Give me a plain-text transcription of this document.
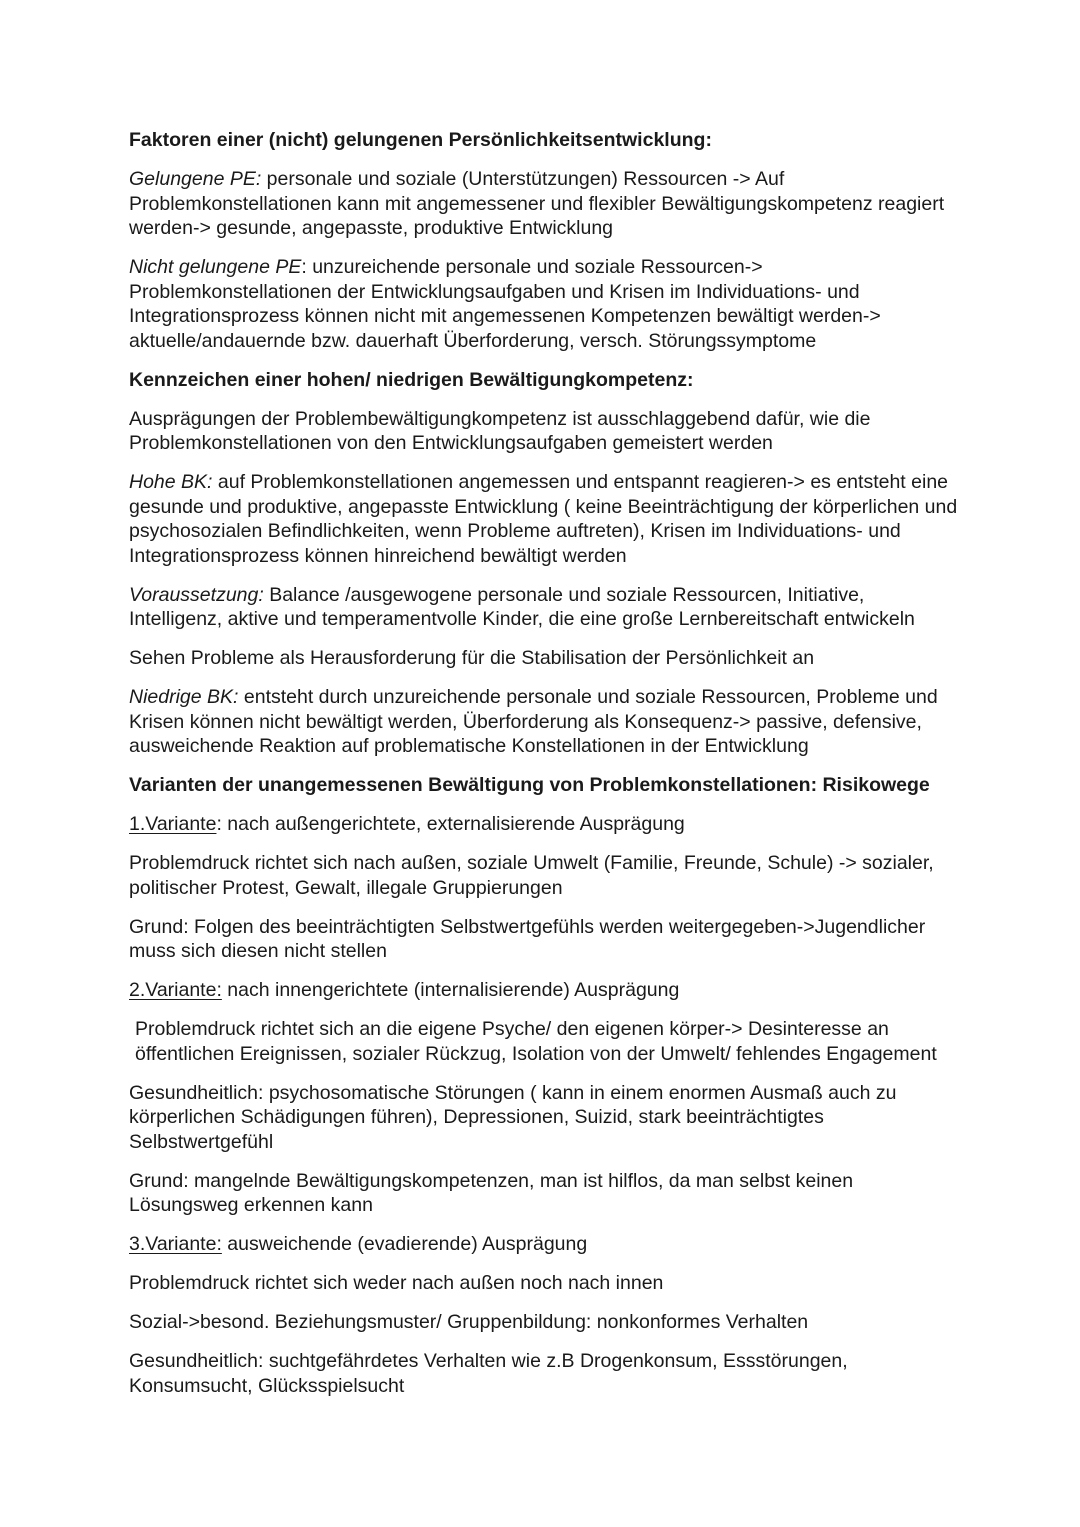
Faktoren einer (nicht) gelungenen Persönlichkeitsentwicklung:

Gelungene PE: personale und soziale (Unterstützungen) Ressourcen -> Auf Problemkonstellationen kann mit angemessener und flexibler Bewältigungskompetenz reagiert werden-> gesunde, angepasste, produktive Entwicklung

Nicht gelungene PE: unzureichende personale und soziale Ressourcen-> Problemkonstellationen der Entwicklungsaufgaben und Krisen im Individuations- und Integrationsprozess können nicht mit angemessenen Kompetenzen bewältigt werden-> aktuelle/andauernde bzw. dauerhaft Überforderung, versch. Störungssymptome

Kennzeichen einer hohen/ niedrigen Bewältigungkompetenz:

Ausprägungen der Problembewältigungkompetenz ist ausschlaggebend dafür, wie die Problemkonstellationen von den Entwicklungsaufgaben gemeistert werden

Hohe BK: auf Problemkonstellationen angemessen und entspannt reagieren-> es entsteht eine gesunde und produktive, angepasste Entwicklung ( keine Beeinträchtigung der körperlichen und psychosozialen Befindlichkeiten, wenn Probleme auftreten), Krisen im Individuations- und Integrationsprozess können hinreichend bewältigt werden

Voraussetzung: Balance /ausgewogene personale und soziale Ressourcen, Initiative, Intelligenz, aktive und temperamentvolle Kinder, die eine große Lernbereitschaft entwickeln

Sehen Probleme als Herausforderung für die Stabilisation der Persönlichkeit an

Niedrige BK: entsteht durch unzureichende personale und soziale Ressourcen, Probleme und Krisen können nicht bewältigt werden, Überforderung als Konsequenz-> passive, defensive, ausweichende Reaktion auf problematische Konstellationen in der Entwicklung

Varianten der unangemessenen Bewältigung von Problemkonstellationen: Risikowege

1.Variante: nach außengerichtete, externalisierende Ausprägung

Problemdruck richtet sich nach außen, soziale Umwelt (Familie, Freunde, Schule) -> sozialer, politischer Protest, Gewalt, illegale Gruppierungen

Grund: Folgen des beeinträchtigten Selbstwertgefühls werden weitergegeben->Jugendlicher muss sich diesen nicht stellen

2.Variante: nach innengerichtete (internalisierende) Ausprägung

Problemdruck richtet sich an die eigene Psyche/ den eigenen körper-> Desinteresse an öffentlichen Ereignissen, sozialer Rückzug, Isolation von der Umwelt/ fehlendes Engagement

Gesundheitlich: psychosomatische Störungen ( kann in einem enormen Ausmaß auch zu körperlichen Schädigungen führen), Depressionen, Suizid, stark beeinträchtigtes Selbstwertgefühl

Grund: mangelnde Bewältigungskompetenzen, man ist hilflos, da man selbst keinen Lösungsweg erkennen kann

3.Variante: ausweichende (evadierende) Ausprägung

Problemdruck richtet sich weder nach außen noch nach innen

Sozial->besond. Beziehungsmuster/ Gruppenbildung: nonkonformes Verhalten

Gesundheitlich: suchtgefährdetes Verhalten wie z.B Drogenkonsum, Essstörungen, Konsumsucht, Glücksspielsucht
